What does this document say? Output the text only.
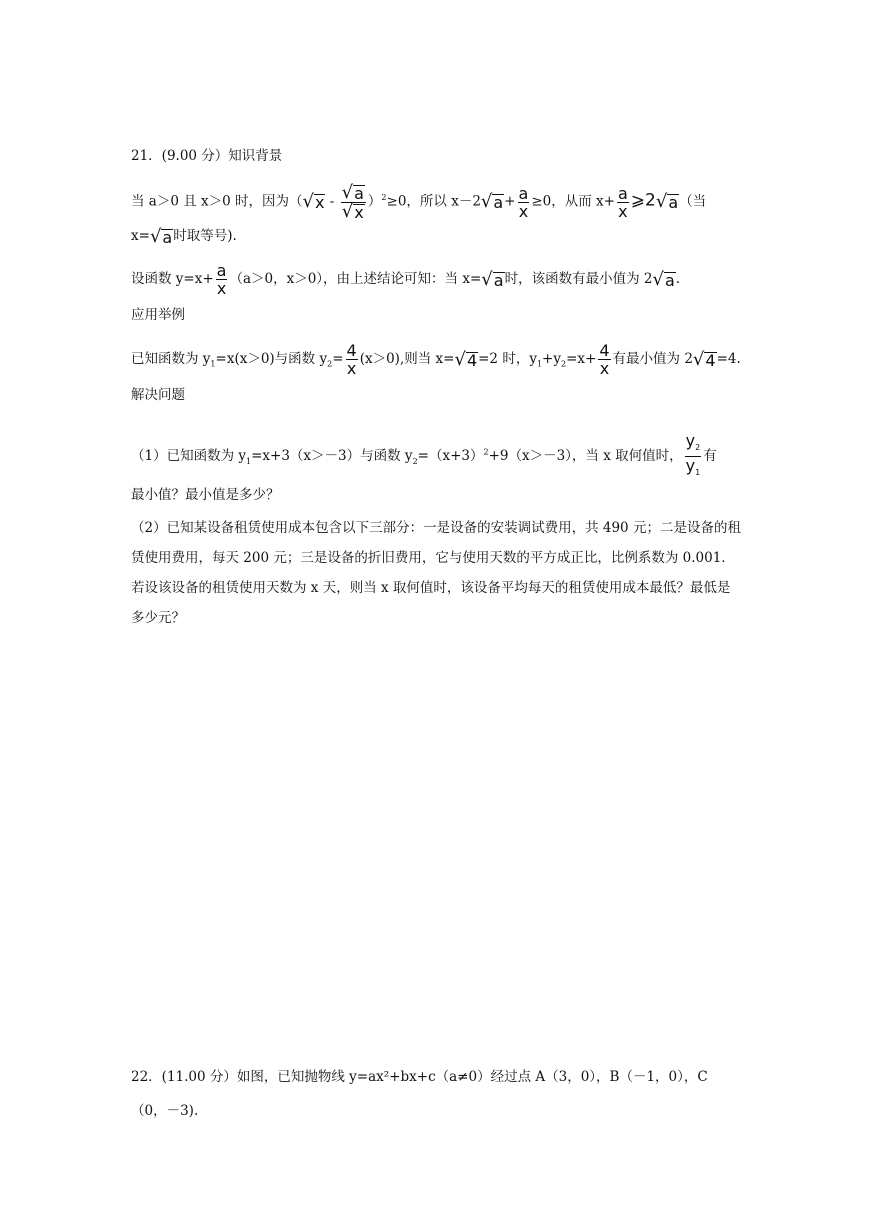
21．(9.00 分）知识背景
当 a＞0 且 x＞0 时，因为（ √ $x - \frac{√ a}{√ x} )^2\ge 0$，所以 x－2 √ $a + \frac{a}{x} \ge 0$，从而 $x+ \frac{a}{x}$ ⩾2 √ a （当
x= √ a 时取等号).
设函数 $y=x+ \frac{a}{x} (a>0$，x＞0），由上述结论可知：当 x= √ a 时，该函数有最小值为 2 √ a .
应用举例
已知函数为 $y_1=x(x>0)$与函数 $y_2= \frac{4}{x} (x>0)$,则当 x= √ 4 =2 时，$y_1+y_2=x+ \frac{4}{x}$ 有最小值为 2 √ 4 =4.
解决问题
（1）已知函数为 $y_1=x+3(x>-3)$与函数 $y_2=(x+3)^2+9(x>-3)$，当 x 取何值时， $\frac{y_2}{y_1}$ 有
最小值？最小值是多少？
（2）已知某设备租赁使用成本包含以下三部分：一是设备的安装调试费用，共 490 元；二是设备的租赁使用费用，每天 200 元；三是设备的折旧费用，它与使用天数的平方成正比，比例系数为 0.001．若设该设备的租赁使用天数为 x 天，则当 x 取何值时，该设备平均每天的租赁使用成本最低？最低是多少元？
22．(11.00 分）如图，已知抛物线 y=ax²+bx+c（a≠0）经过点 A（3，0），B（－1，0），C
（0，－3).
